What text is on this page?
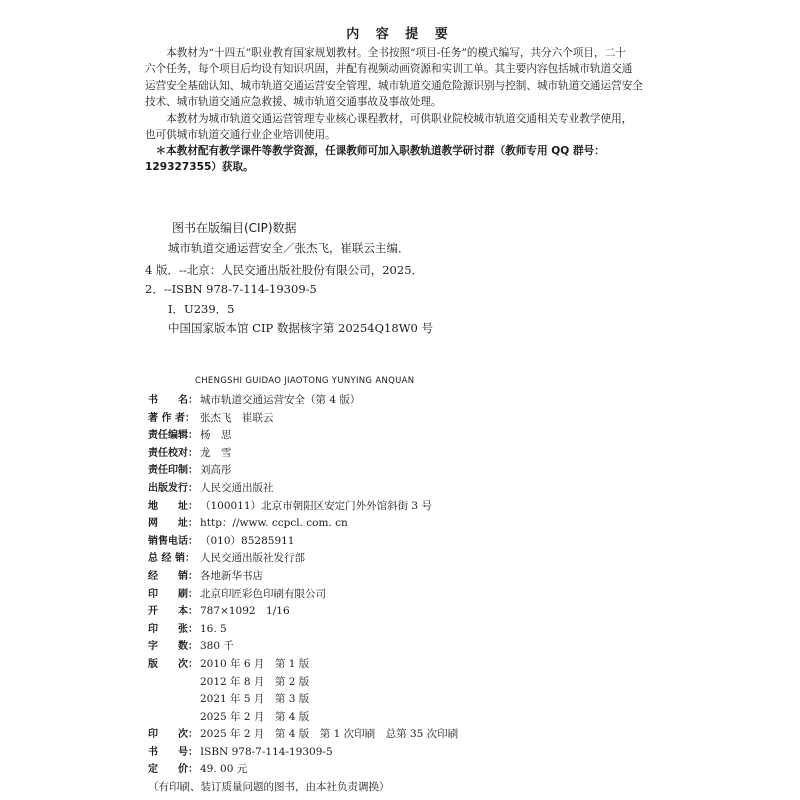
内 容 提 要
　　本教材为“十四五”职业教育国家规划教材。全书按照“项目-任务”的模式编写，共分六个项目，二十
六个任务，每个项目后均设有知识巩固，并配有视频动画资源和实训工单。其主要内容包括城市轨道交通
运营安全基础认知、城市轨道交通运营安全管理、城市轨道交通危险源识别与控制、城市轨道交通运营安全
技术、城市轨道交通应急救援、城市轨道交通事故及事故处理。
　　本教材为城市轨道交通运营管理专业核心课程教材，可供职业院校城市轨道交通相关专业教学使用，
也可供城市轨道交通行业企业培训使用。
　＊本教材配有教学课件等教学资源，任课教师可加入职教轨道教学研讨群（教师专用 QQ 群号：
129327355）获取。
图书在版编目(CIP)数据
　　城市轨道交通运营安全／张杰飞，崔联云主编．
4 版．--北京：人民交通出版社股份有限公司，2025．
2．--ISBN 978-7-114-19309-5
　　Ⅰ．U239．5
　　中国国家版本馆 CIP 数据核字第 20254Q18W0 号
CHENGSHI GUIDAO JIAOTONG YUNYING ANQUAN
书　　名： 城市轨道交通运营安全（第 4 版）
著 作 者： 张杰飞　崔联云
责任编辑： 杨　思
责任校对： 龙　雪
责任印制： 刘高彤
出版发行： 人民交通出版社
地　　址： （100011）北京市朝阳区安定门外外馆斜街 3 号
网　　址： http：//www. ccpcl. com. cn
销售电话： （010）85285911
总 经 销： 人民交通出版社发行部
经　　销： 各地新华书店
印　　刷： 北京印匠彩色印刷有限公司
开　　本： 787×1092　1/16
印　　张： 16. 5
字　　数： 380 千
版　　次： 2010 年 6 月　第 1 版
2012 年 8 月　第 2 版
2021 年 5 月　第 3 版
2025 年 2 月　第 4 版
印　　次： 2025 年 2 月　第 4 版　第 1 次印刷　总第 35 次印刷
书　　号： ISBN 978-7-114-19309-5
定　　价： 49. 00 元
（有印刷、装订质量问题的图书，由本社负责调换）
